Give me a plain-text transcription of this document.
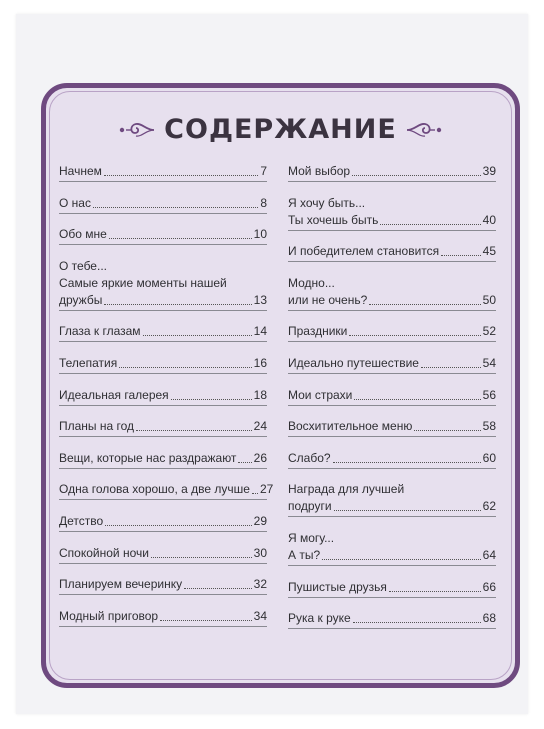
СОДЕРЖАНИЕ
Начнем	7
О нас	8
Обо мне	10
О тебе...
Самые яркие моменты нашей
дружбы	13
Глаза к глазам	14
Телепатия	16
Идеальная галерея	18
Планы на год	24
Вещи, которые нас раздражают 26
Одна голова хорошо, а две лучше 27
Детство	29
Спокойной ночи	30
Планируем вечеринку	32
Модный приговор	34
Мой выбор	39
Я хочу быть...
Ты хочешь быть	40
И победителем становится	45
Модно...
или не очень?	50
Праздники	52
Идеально путешествие	54
Мои страхи	56
Восхитительное меню	58
Слабо?	60
Награда для лучшей
подруги	62
Я могу...
А ты?	64
Пушистые друзья	66
Рука к руке	68
